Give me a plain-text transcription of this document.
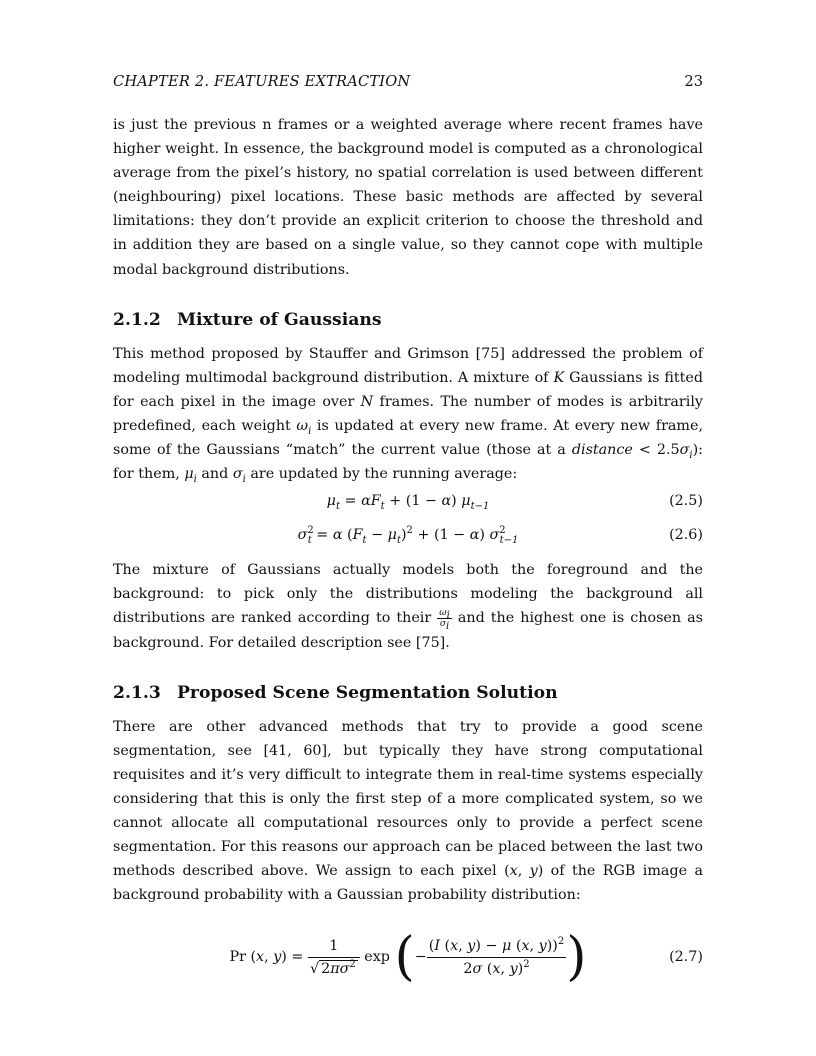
CHAPTER 2. FEATURES EXTRACTION	23

is just the previous n frames or a weighted average where recent frames have higher weight. In essence, the background model is computed as a chronological average from the pixel’s history, no spatial correlation is used between different (neighbouring) pixel locations. These basic methods are affected by several limitations: they don’t provide an explicit criterion to choose the threshold and in addition they are based on a single value, so they cannot cope with multiple modal background distributions.

2.1.2 Mixture of Gaussians

This method proposed by Stauffer and Grimson [75] addressed the problem of modeling multimodal background distribution. A mixture of K Gaussians is fitted for each pixel in the image over N frames. The number of modes is arbitrarily predefined, each weight $\omega_i$ is updated at every new frame. At every new frame, some of the Gaussians “match” the current value (those at a distance < $2.5\sigma_i$): for them, $\mu_i$ and $\sigma_i$ are updated by the running average:

$\mu_t = \alpha F_t + (1 - \alpha)$ $\mu_{t-1}$	(2.5)
$\sigma^2_t = \alpha$ $(F_t - \mu_t)^2 + (1 - \alpha)$ $\sigma^2_{t-1}$	(2.6)

The mixture of Gaussians actually models both the foreground and the background: to pick only the distributions modeling the background all distributions are ranked according to their $\frac{\omega_i}{\sigma_i}$ and the highest one is chosen as background. For detailed description see [75].

2.1.3 Proposed Scene Segmentation Solution

There are other advanced methods that try to provide a good scene segmentation, see [41, 60], but typically they have strong computational requisites and it’s very difficult to integrate them in real-time systems especially considering that this is only the first step of a more complicated system, so we cannot allocate all computational resources only to provide a perfect scene segmentation. For this reasons our approach can be placed between the last two methods described above. We assign to each pixel (x, y) of the RGB image a background probability with a Gaussian probability distribution:

Pr (x, $y) = \frac{1}{√ 2\pi\sigma^2}$ exp (− $\frac{(I (x, y) - \mu (x, y))^2}{2\sigma (x, y)^2}$ )	(2.7)
